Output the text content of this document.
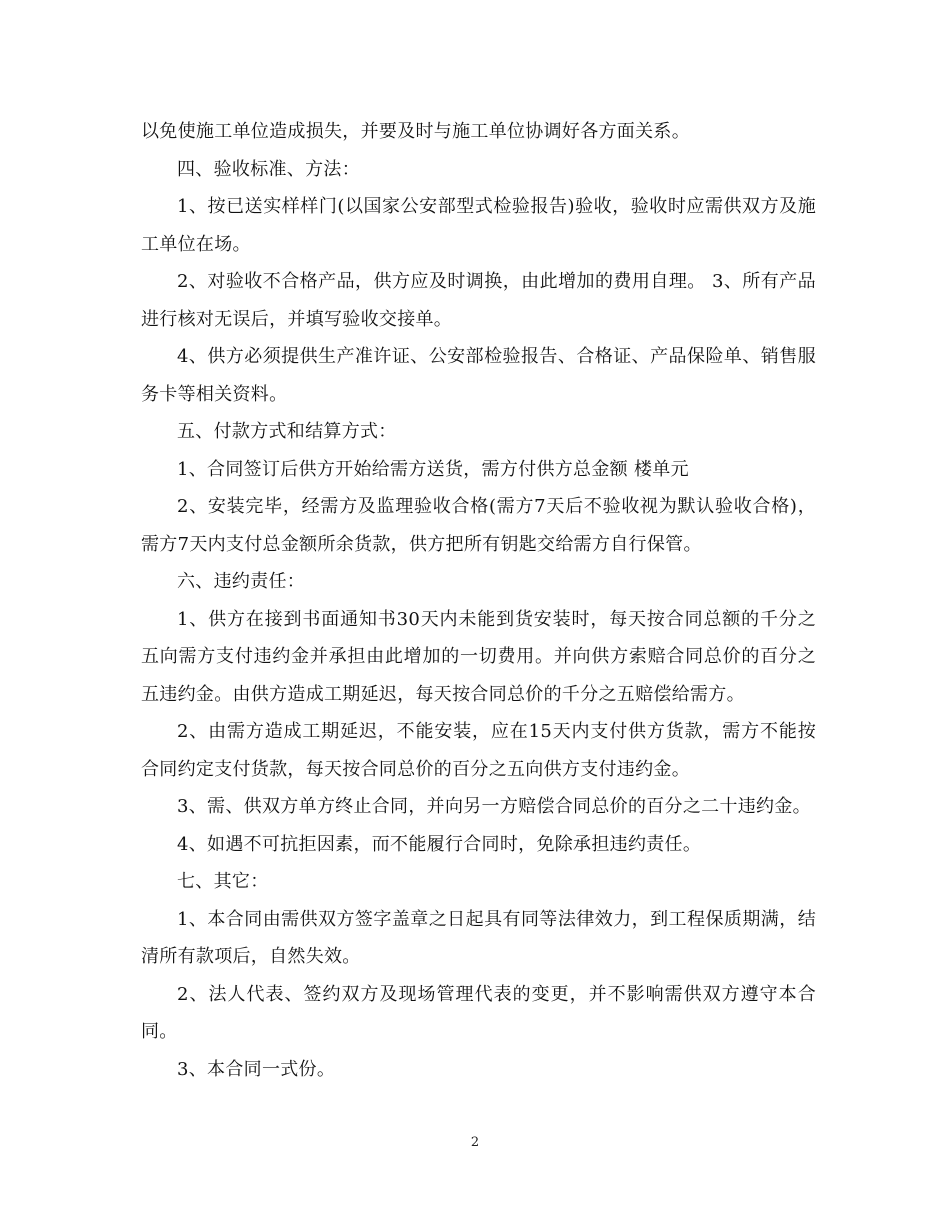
以免使施工单位造成损失，并要及时与施工单位协调好各方面关系。

四、验收标准、方法：

1、按已送实样样门(以国家公安部型式检验报告)验收，验收时应需供双方及施工单位在场。

2、对验收不合格产品，供方应及时调换，由此增加的费用自理。 3、所有产品进行核对无误后，并填写验收交接单。

4、供方必须提供生产准许证、公安部检验报告、合格证、产品保险单、销售服务卡等相关资料。

五、付款方式和结算方式：

1、合同签订后供方开始给需方送货，需方付供方总金额 楼单元

2、安装完毕，经需方及监理验收合格(需方7天后不验收视为默认验收合格)，需方7天内支付总金额所余货款，供方把所有钥匙交给需方自行保管。

六、违约责任：

1、供方在接到书面通知书30天内未能到货安装时，每天按合同总额的千分之五向需方支付违约金并承担由此增加的一切费用。并向供方索赔合同总价的百分之五违约金。由供方造成工期延迟，每天按合同总价的千分之五赔偿给需方。

2、由需方造成工期延迟，不能安装，应在15天内支付供方货款，需方不能按合同约定支付货款，每天按合同总价的百分之五向供方支付违约金。

3、需、供双方单方终止合同，并向另一方赔偿合同总价的百分之二十违约金。

4、如遇不可抗拒因素，而不能履行合同时，免除承担违约责任。

七、其它：

1、本合同由需供双方签字盖章之日起具有同等法律效力，到工程保质期满，结清所有款项后，自然失效。

2、法人代表、签约双方及现场管理代表的变更，并不影响需供双方遵守本合同。

3、本合同一式份。

2
